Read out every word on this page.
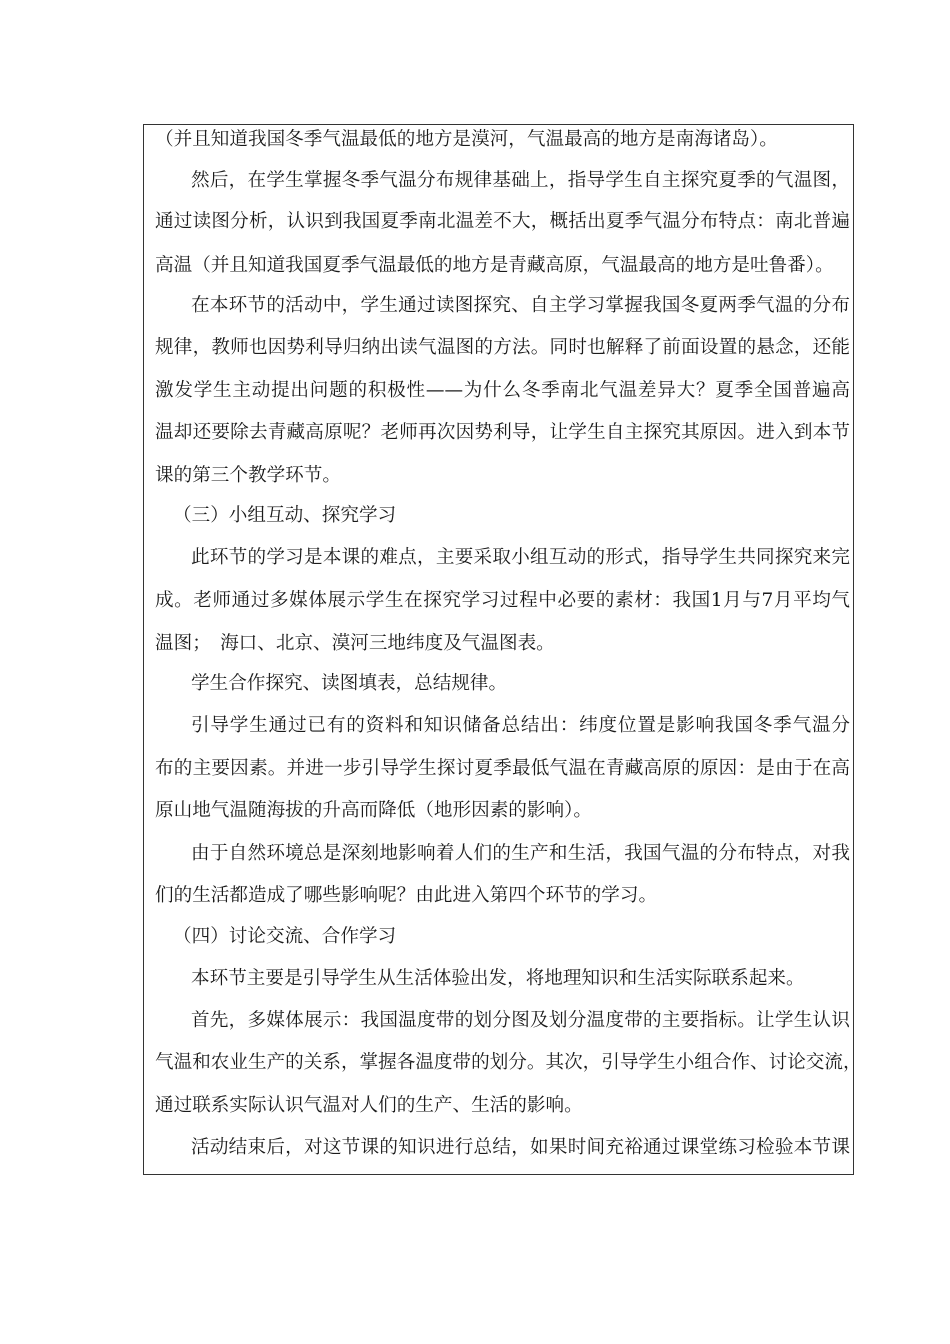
（并且知道我国冬季气温最低的地方是漠河，气温最高的地方是南海诸岛）。
然后，在学生掌握冬季气温分布规律基础上，指导学生自主探究夏季的气温图，
通过读图分析，认识到我国夏季南北温差不大，概括出夏季气温分布特点：南北普遍
高温（并且知道我国夏季气温最低的地方是青藏高原，气温最高的地方是吐鲁番）。
在本环节的活动中，学生通过读图探究、自主学习掌握我国冬夏两季气温的分布
规律，教师也因势利导归纳出读气温图的方法。同时也解释了前面设置的悬念，还能
激发学生主动提出问题的积极性——为什么冬季南北气温差异大？夏季全国普遍高
温却还要除去青藏高原呢？老师再次因势利导，让学生自主探究其原因。进入到本节
课的第三个教学环节。
（三）小组互动、探究学习
此环节的学习是本课的难点，主要采取小组互动的形式，指导学生共同探究来完
成。老师通过多媒体展示学生在探究学习过程中必要的素材：我国1月与7月平均气
温图；　海口、北京、漠河三地纬度及气温图表。
学生合作探究、读图填表，总结规律。
引导学生通过已有的资料和知识储备总结出：纬度位置是影响我国冬季气温分
布的主要因素。并进一步引导学生探讨夏季最低气温在青藏高原的原因：是由于在高
原山地气温随海拔的升高而降低（地形因素的影响）。
由于自然环境总是深刻地影响着人们的生产和生活，我国气温的分布特点，对我
们的生活都造成了哪些影响呢？由此进入第四个环节的学习。
（四）讨论交流、合作学习
本环节主要是引导学生从生活体验出发，将地理知识和生活实际联系起来。
首先，多媒体展示：我国温度带的划分图及划分温度带的主要指标。让学生认识
气温和农业生产的关系，掌握各温度带的划分。其次，引导学生小组合作、讨论交流，
通过联系实际认识气温对人们的生产、生活的影响。
活动结束后，对这节课的知识进行总结，如果时间充裕通过课堂练习检验本节课
